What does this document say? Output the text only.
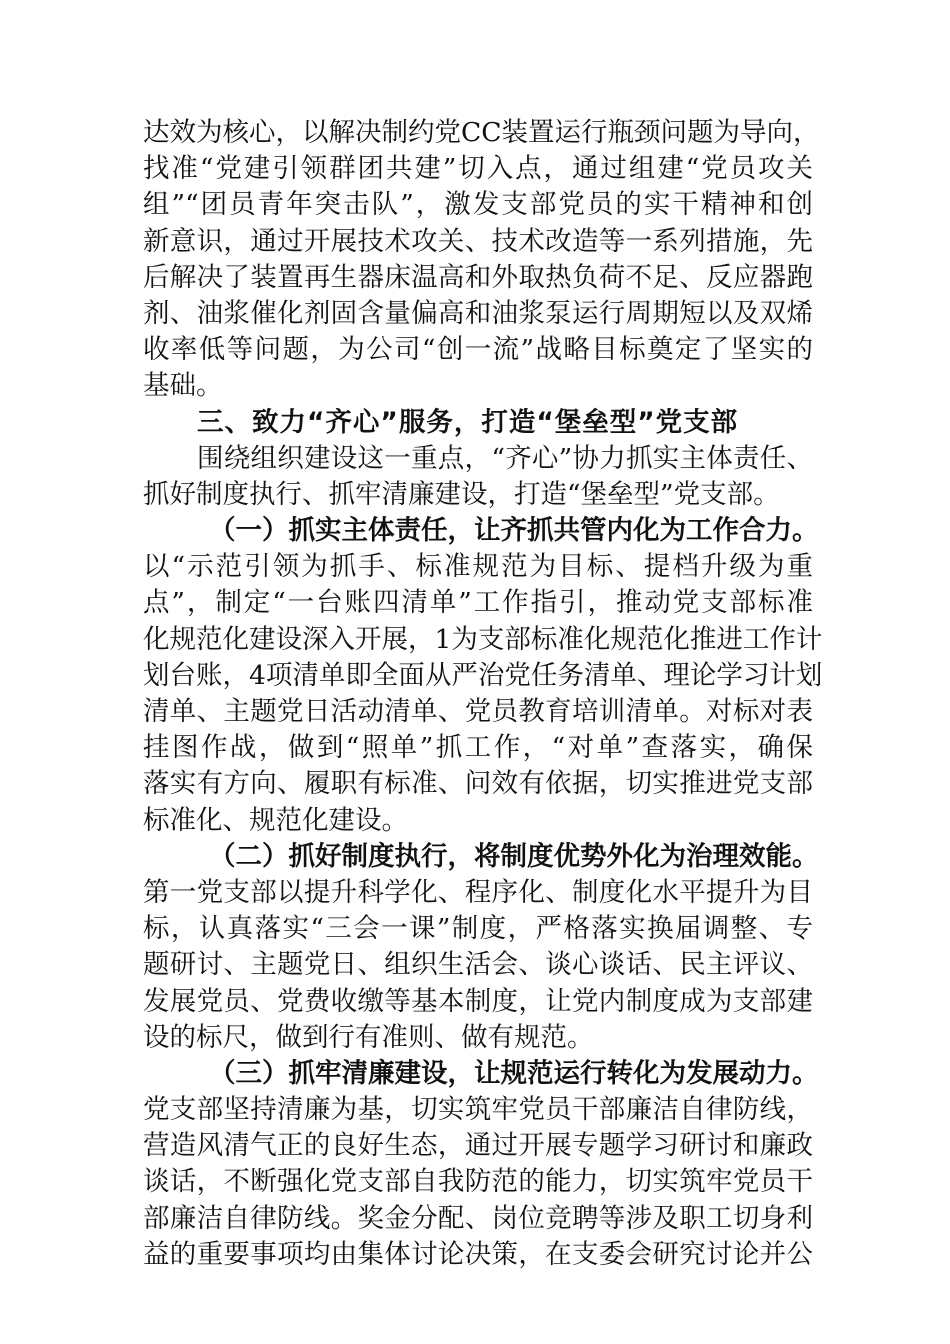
达效为核心，以解决制约党CC装置运行瓶颈问题为导向，
找准“党建引领群团共建”切入点，通过组建“党员攻关
组”“团员青年突击队”，激发支部党员的实干精神和创
新意识，通过开展技术攻关、技术改造等一系列措施，先
后解决了装置再生器床温高和外取热负荷不足、反应器跑
剂、油浆催化剂固含量偏高和油浆泵运行周期短以及双烯
收率低等问题，为公司“创一流”战略目标奠定了坚实的
基础。
三、致力“齐心”服务，打造“堡垒型”党支部
围绕组织建设这一重点，“齐心”协力抓实主体责任、
抓好制度执行、抓牢清廉建设，打造“堡垒型”党支部。
（一）抓实主体责任，让齐抓共管内化为工作合力。
以“示范引领为抓手、标准规范为目标、提档升级为重
点”，制定“一台账四清单”工作指引，推动党支部标准
化规范化建设深入开展，1为支部标准化规范化推进工作计
划台账，4项清单即全面从严治党任务清单、理论学习计划
清单、主题党日活动清单、党员教育培训清单。对标对表
挂图作战，做到“照单”抓工作，“对单”查落实，确保
落实有方向、履职有标准、问效有依据，切实推进党支部
标准化、规范化建设。
（二）抓好制度执行，将制度优势外化为治理效能。
第一党支部以提升科学化、程序化、制度化水平提升为目
标，认真落实“三会一课”制度，严格落实换届调整、专
题研讨、主题党日、组织生活会、谈心谈话、民主评议、
发展党员、党费收缴等基本制度，让党内制度成为支部建
设的标尺，做到行有准则、做有规范。
（三）抓牢清廉建设，让规范运行转化为发展动力。
党支部坚持清廉为基，切实筑牢党员干部廉洁自律防线，
营造风清气正的良好生态，通过开展专题学习研讨和廉政
谈话，不断强化党支部自我防范的能力，切实筑牢党员干
部廉洁自律防线。奖金分配、岗位竞聘等涉及职工切身利
益的重要事项均由集体讨论决策，在支委会研究讨论并公
